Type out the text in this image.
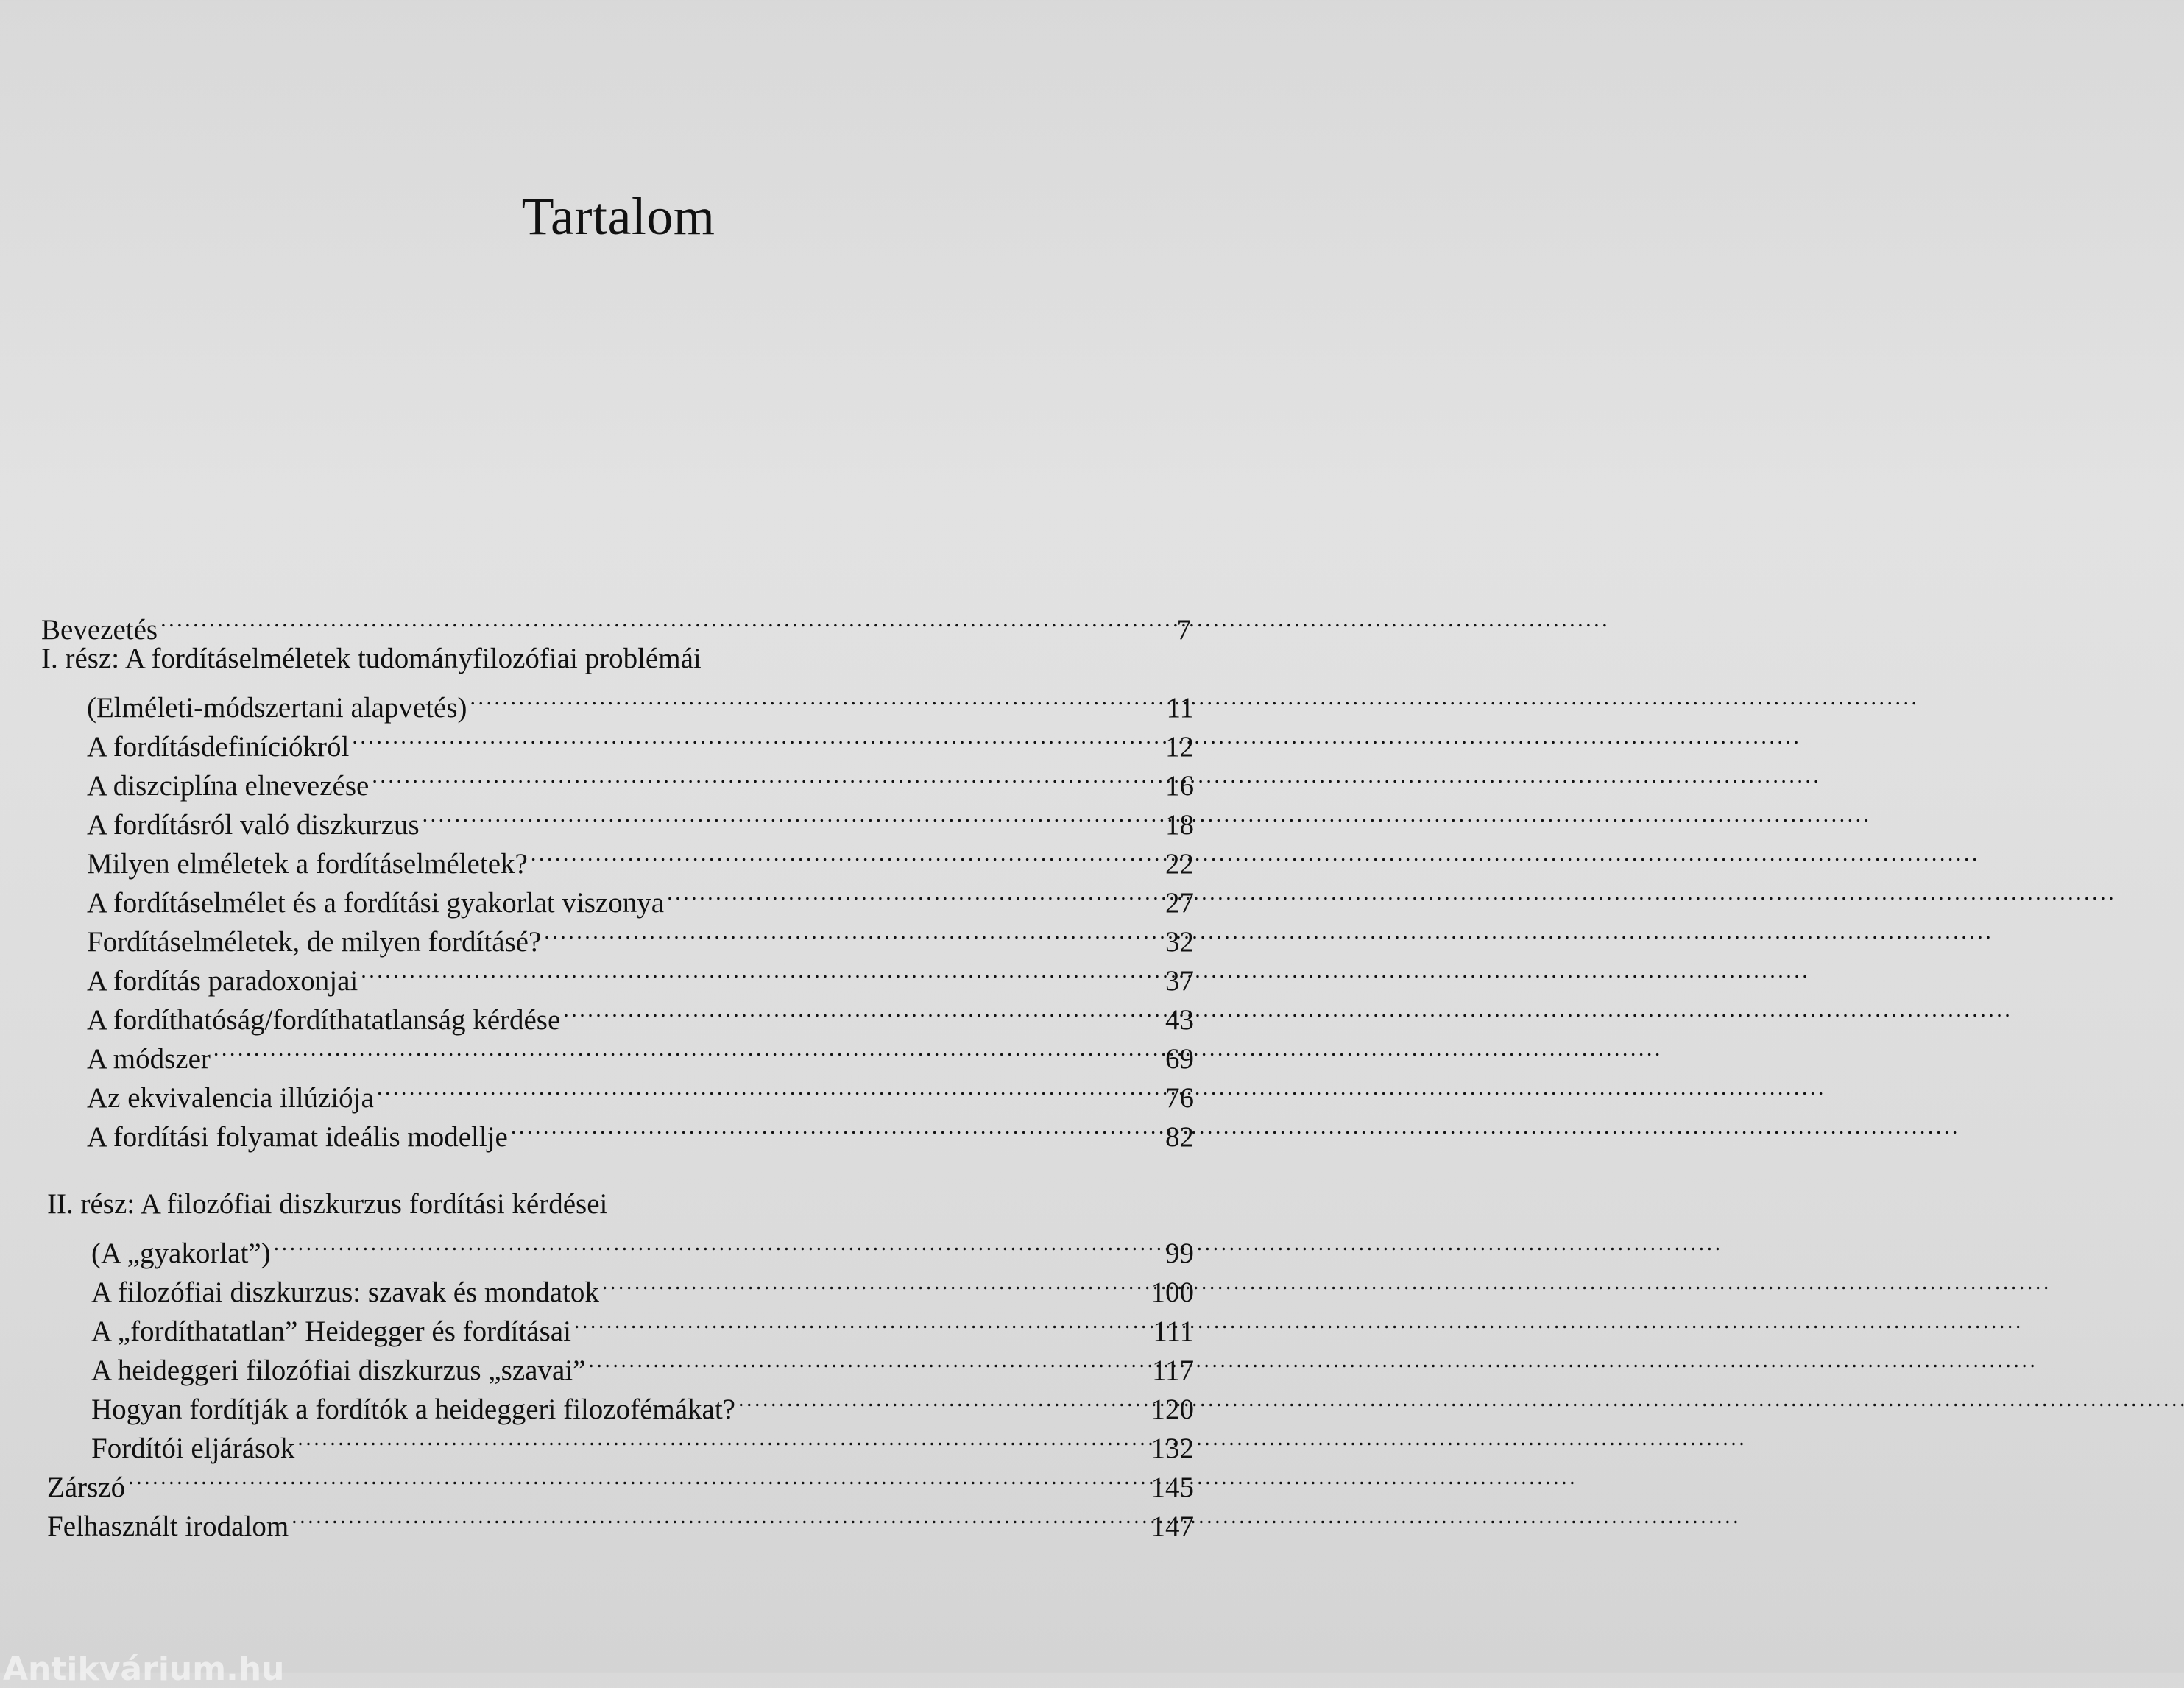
Tartalom
Bevezetés . . .	7
I. rész: A fordításelméletek tudományfilozófiai problémái
(Elméleti-módszertani alapvetés) . . .	11
A fordításdefiníciókról . . .	12
A diszciplína elnevezése . . .	16
A fordításról való diszkurzus . . .	18
Milyen elméletek a fordításelméletek? . . .	22
A fordításelmélet és a fordítási gyakorlat viszonya . . .	27
Fordításelméletek, de milyen fordításé? . . .	32
A fordítás paradoxonjai . . .	37
A fordíthatóság/fordíthatatlanság kérdése . . .	43
A módszer . . .	69
Az ekvivalencia illúziója . . .	76
A fordítási folyamat ideális modellje . . .	82
II. rész: A filozófiai diszkurzus fordítási kérdései
(A „gyakorlat”) . . .	99
A filozófiai diszkurzus: szavak és mondatok . . .	100
A „fordíthatatlan” Heidegger és fordításai . . .	111
A heideggeri filozófiai diszkurzus „szavai” . . .	117
Hogyan fordítják a fordítók a heideggeri filozofémákat? . . .	120
Fordítói eljárások . . .	132
Zárszó . . .	145
Felhasznált irodalom . . .	147
Antikvárium.hu
